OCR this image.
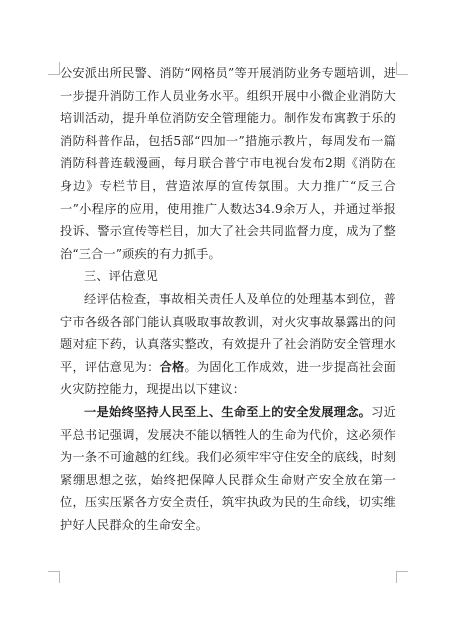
公安派出所民警、消防“网格员”等开展消防业务专题培训，进一步提升消防工作人员业务水平。组织开展中小微企业消防大培训活动，提升单位消防安全管理能力。制作发布寓教于乐的消防科普作品，包括5部“四加一”措施示教片，每周发布一篇消防科普连载漫画，每月联合普宁市电视台发布2期《消防在身边》专栏节目，营造浓厚的宣传氛围。大力推广“反三合一”小程序的应用，使用推广人数达34.9余万人，并通过举报投诉、警示宣传等栏目，加大了社会共同监督力度，成为了整治“三合一”顽疾的有力抓手。

三、评估意见

经评估检查，事故相关责任人及单位的处理基本到位，普宁市各级各部门能认真吸取事故教训，对火灾事故暴露出的问题对症下药，认真落实整改，有效提升了社会消防安全管理水平，评估意见为：合格。为固化工作成效，进一步提高社会面火灾防控能力，现提出以下建议：

一是始终坚持人民至上、生命至上的安全发展理念。习近平总书记强调，发展决不能以牺牲人的生命为代价，这必须作为一条不可逾越的红线。我们必须牢牢守住安全的底线，时刻紧绷思想之弦，始终把保障人民群众生命财产安全放在第一位，压实压紧各方安全责任，筑牢执政为民的生命线，切实维护好人民群众的生命安全。
